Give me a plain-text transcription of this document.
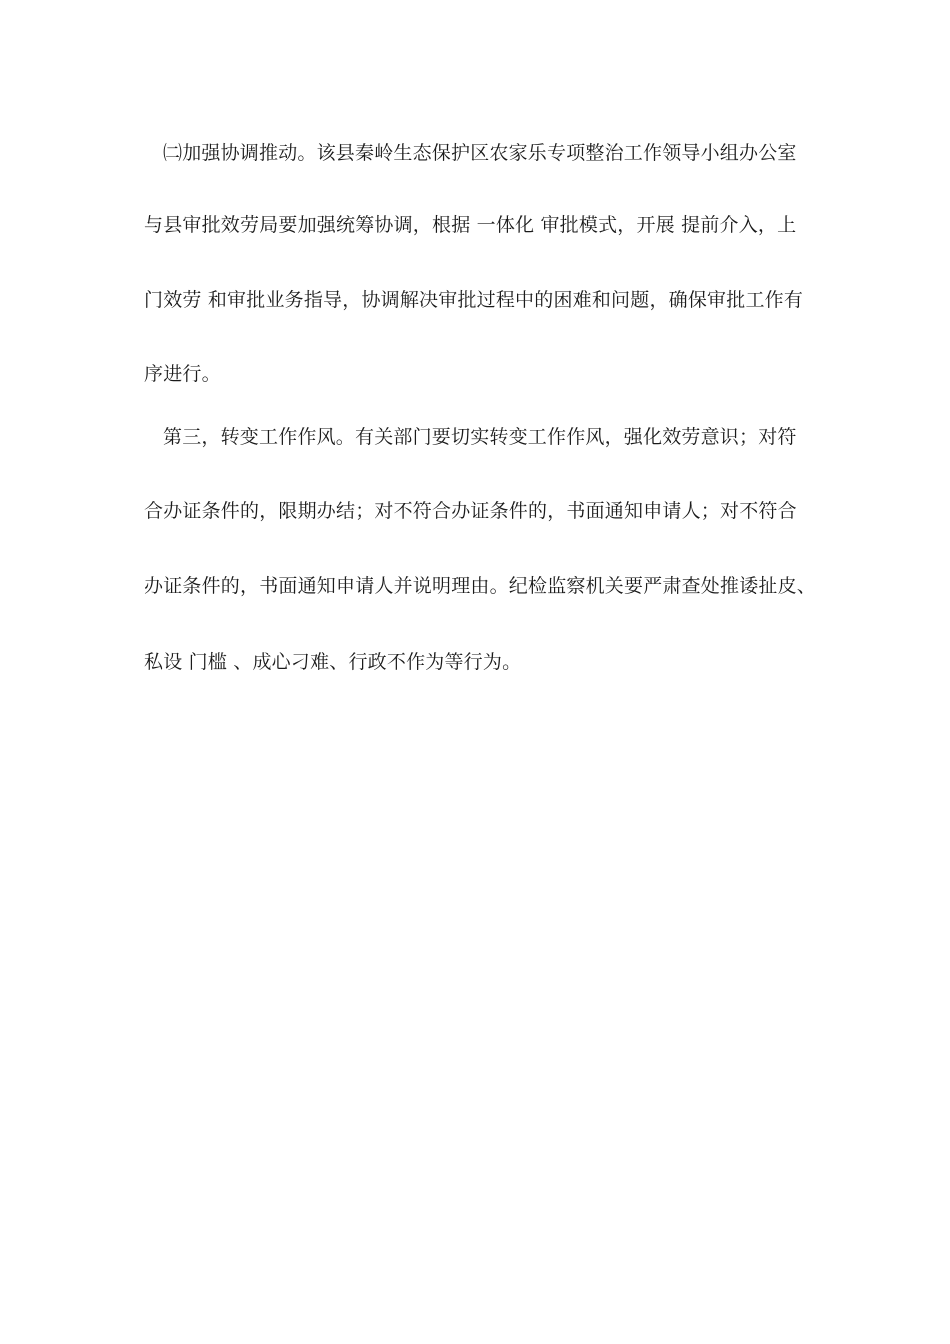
㈡加强协调推动。该县秦岭生态保护区农家乐专项整治工作领导小组办公室
与县审批效劳局要加强统筹协调，根据 一体化 审批模式，开展 提前介入，上
门效劳 和审批业务指导，协调解决审批过程中的困难和问题，确保审批工作有
序进行。
第三，转变工作作风。有关部门要切实转变工作作风，强化效劳意识；对符
合办证条件的，限期办结；对不符合办证条件的，书面通知申请人；对不符合
办证条件的，书面通知申请人并说明理由。纪检监察机关要严肃查处推诿扯皮、
私设 门槛 、成心刁难、行政不作为等行为。
